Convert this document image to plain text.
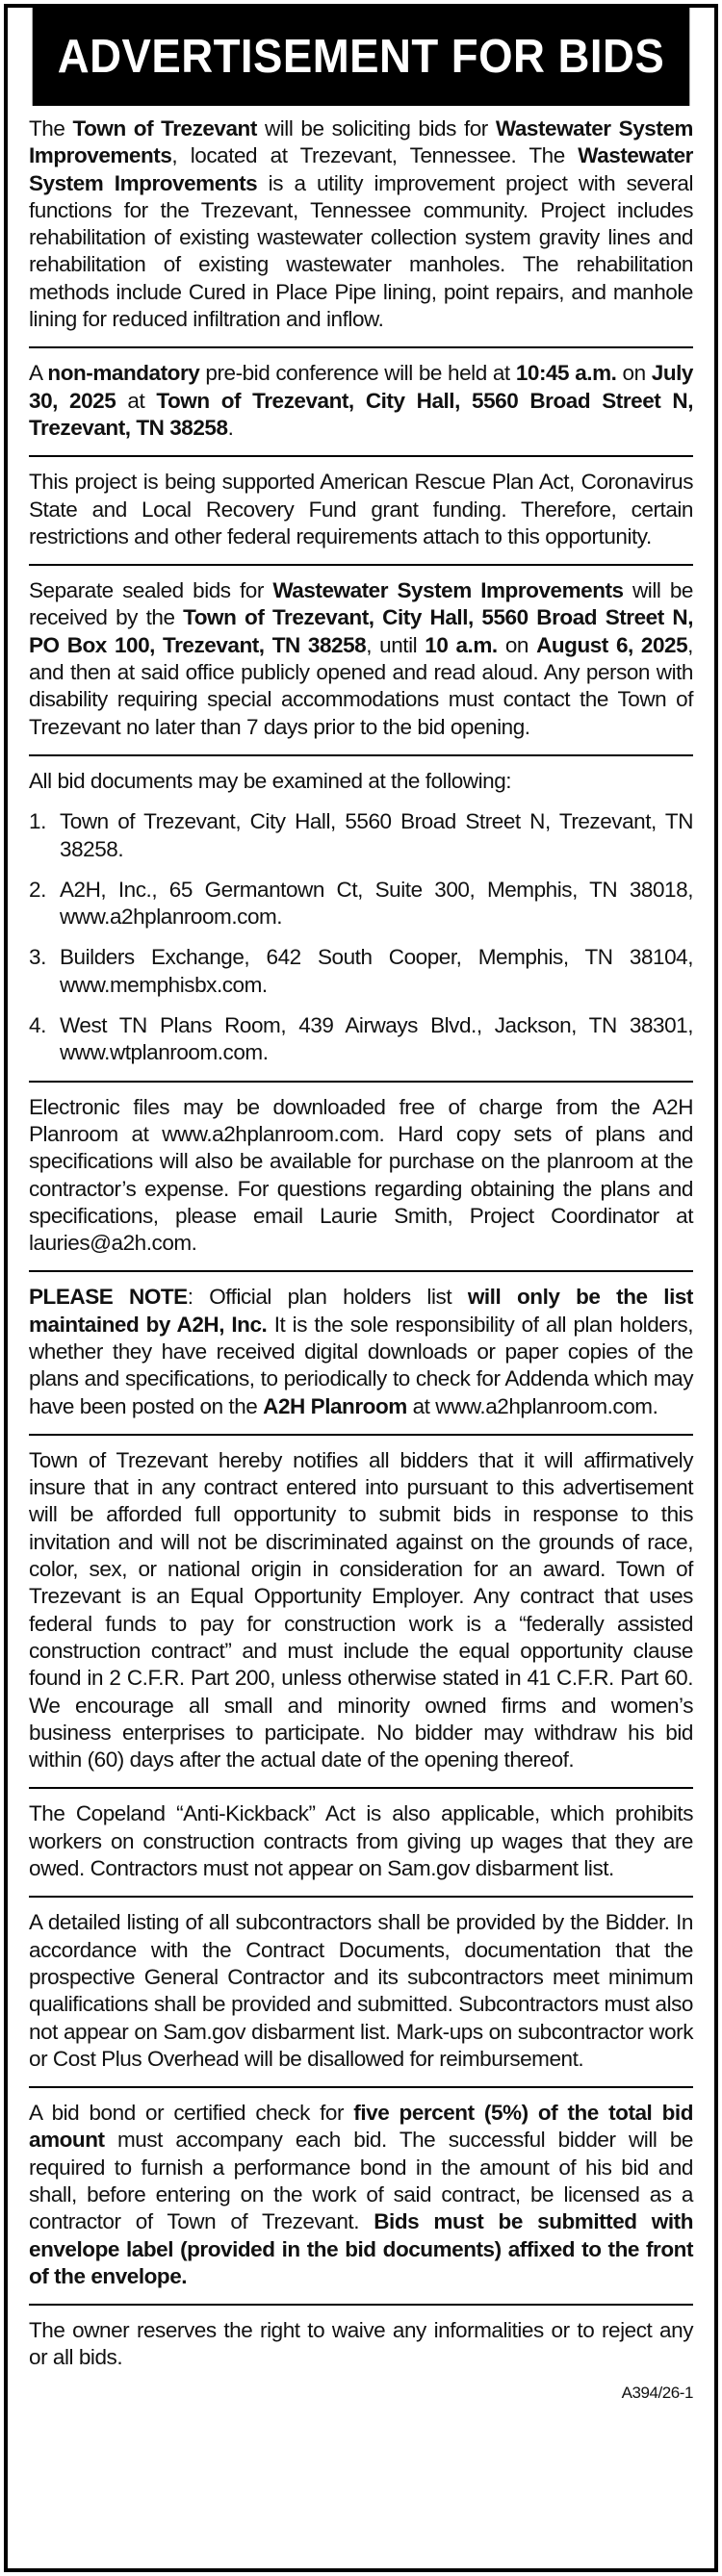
ADVERTISEMENT FOR BIDS

The Town of Trezevant will be soliciting bids for Wastewater System Improvements, located at Trezevant, Tennessee. The Wastewater System Improvements is a utility improvement project with several functions for the Trezevant, Tennessee community. Project includes rehabilitation of existing wastewater collection system gravity lines and rehabilitation of existing wastewater manholes. The rehabilitation methods include Cured in Place Pipe lining, point repairs, and manhole lining for reduced infiltration and inflow.

A non-mandatory pre-bid conference will be held at 10:45 a.m. on July 30, 2025 at Town of Trezevant, City Hall, 5560 Broad Street N, Trezevant, TN 38258.

This project is being supported American Rescue Plan Act, Coronavirus State and Local Recovery Fund grant funding. Therefore, certain restrictions and other federal requirements attach to this opportunity.

Separate sealed bids for Wastewater System Improvements will be received by the Town of Trezevant, City Hall, 5560 Broad Street N, PO Box 100, Trezevant, TN 38258, until 10 a.m. on August 6, 2025, and then at said office publicly opened and read aloud. Any person with disability requiring special accommodations must contact the Town of Trezevant no later than 7 days prior to the bid opening.

All bid documents may be examined at the following:

1. Town of Trezevant, City Hall, 5560 Broad Street N, Trezevant, TN 38258.
2. A2H, Inc., 65 Germantown Ct, Suite 300, Memphis, TN 38018, www.a2hplanroom.com.
3. Builders Exchange, 642 South Cooper, Memphis, TN 38104, www.memphisbx.com.
4. West TN Plans Room, 439 Airways Blvd., Jackson, TN 38301, www.wtplanroom.com.

Electronic files may be downloaded free of charge from the A2H Planroom at www.a2hplanroom.com. Hard copy sets of plans and specifications will also be available for purchase on the planroom at the contractor’s expense. For questions regarding obtaining the plans and specifications, please email Laurie Smith, Project Coordinator at lauries@a2h.com.

PLEASE NOTE: Official plan holders list will only be the list maintained by A2H, Inc. It is the sole responsibility of all plan holders, whether they have received digital downloads or paper copies of the plans and specifications, to periodically to check for Addenda which may have been posted on the A2H Planroom at www.a2hplanroom.com.

Town of Trezevant hereby notifies all bidders that it will affirmatively insure that in any contract entered into pursuant to this advertisement will be afforded full opportunity to submit bids in response to this invitation and will not be discriminated against on the grounds of race, color, sex, or national origin in consideration for an award. Town of Trezevant is an Equal Opportunity Employer. Any contract that uses federal funds to pay for construction work is a “federally assisted construction contract” and must include the equal opportunity clause found in 2 C.F.R. Part 200, unless otherwise stated in 41 C.F.R. Part 60. We encourage all small and minority owned firms and women’s business enterprises to participate. No bidder may withdraw his bid within (60) days after the actual date of the opening thereof.

The Copeland “Anti-Kickback” Act is also applicable, which prohibits workers on construction contracts from giving up wages that they are owed. Contractors must not appear on Sam.gov disbarment list.

A detailed listing of all subcontractors shall be provided by the Bidder. In accordance with the Contract Documents, documentation that the prospective General Contractor and its subcontractors meet minimum qualifications shall be provided and submitted. Subcontractors must also not appear on Sam.gov disbarment list. Mark-ups on subcontractor work or Cost Plus Overhead will be disallowed for reimbursement.

A bid bond or certified check for five percent (5%) of the total bid amount must accompany each bid. The successful bidder will be required to furnish a performance bond in the amount of his bid and shall, before entering on the work of said contract, be licensed as a contractor of Town of Trezevant. Bids must be submitted with envelope label (provided in the bid documents) affixed to the front of the envelope.

The owner reserves the right to waive any informalities or to reject any or all bids.

A394/26-1
